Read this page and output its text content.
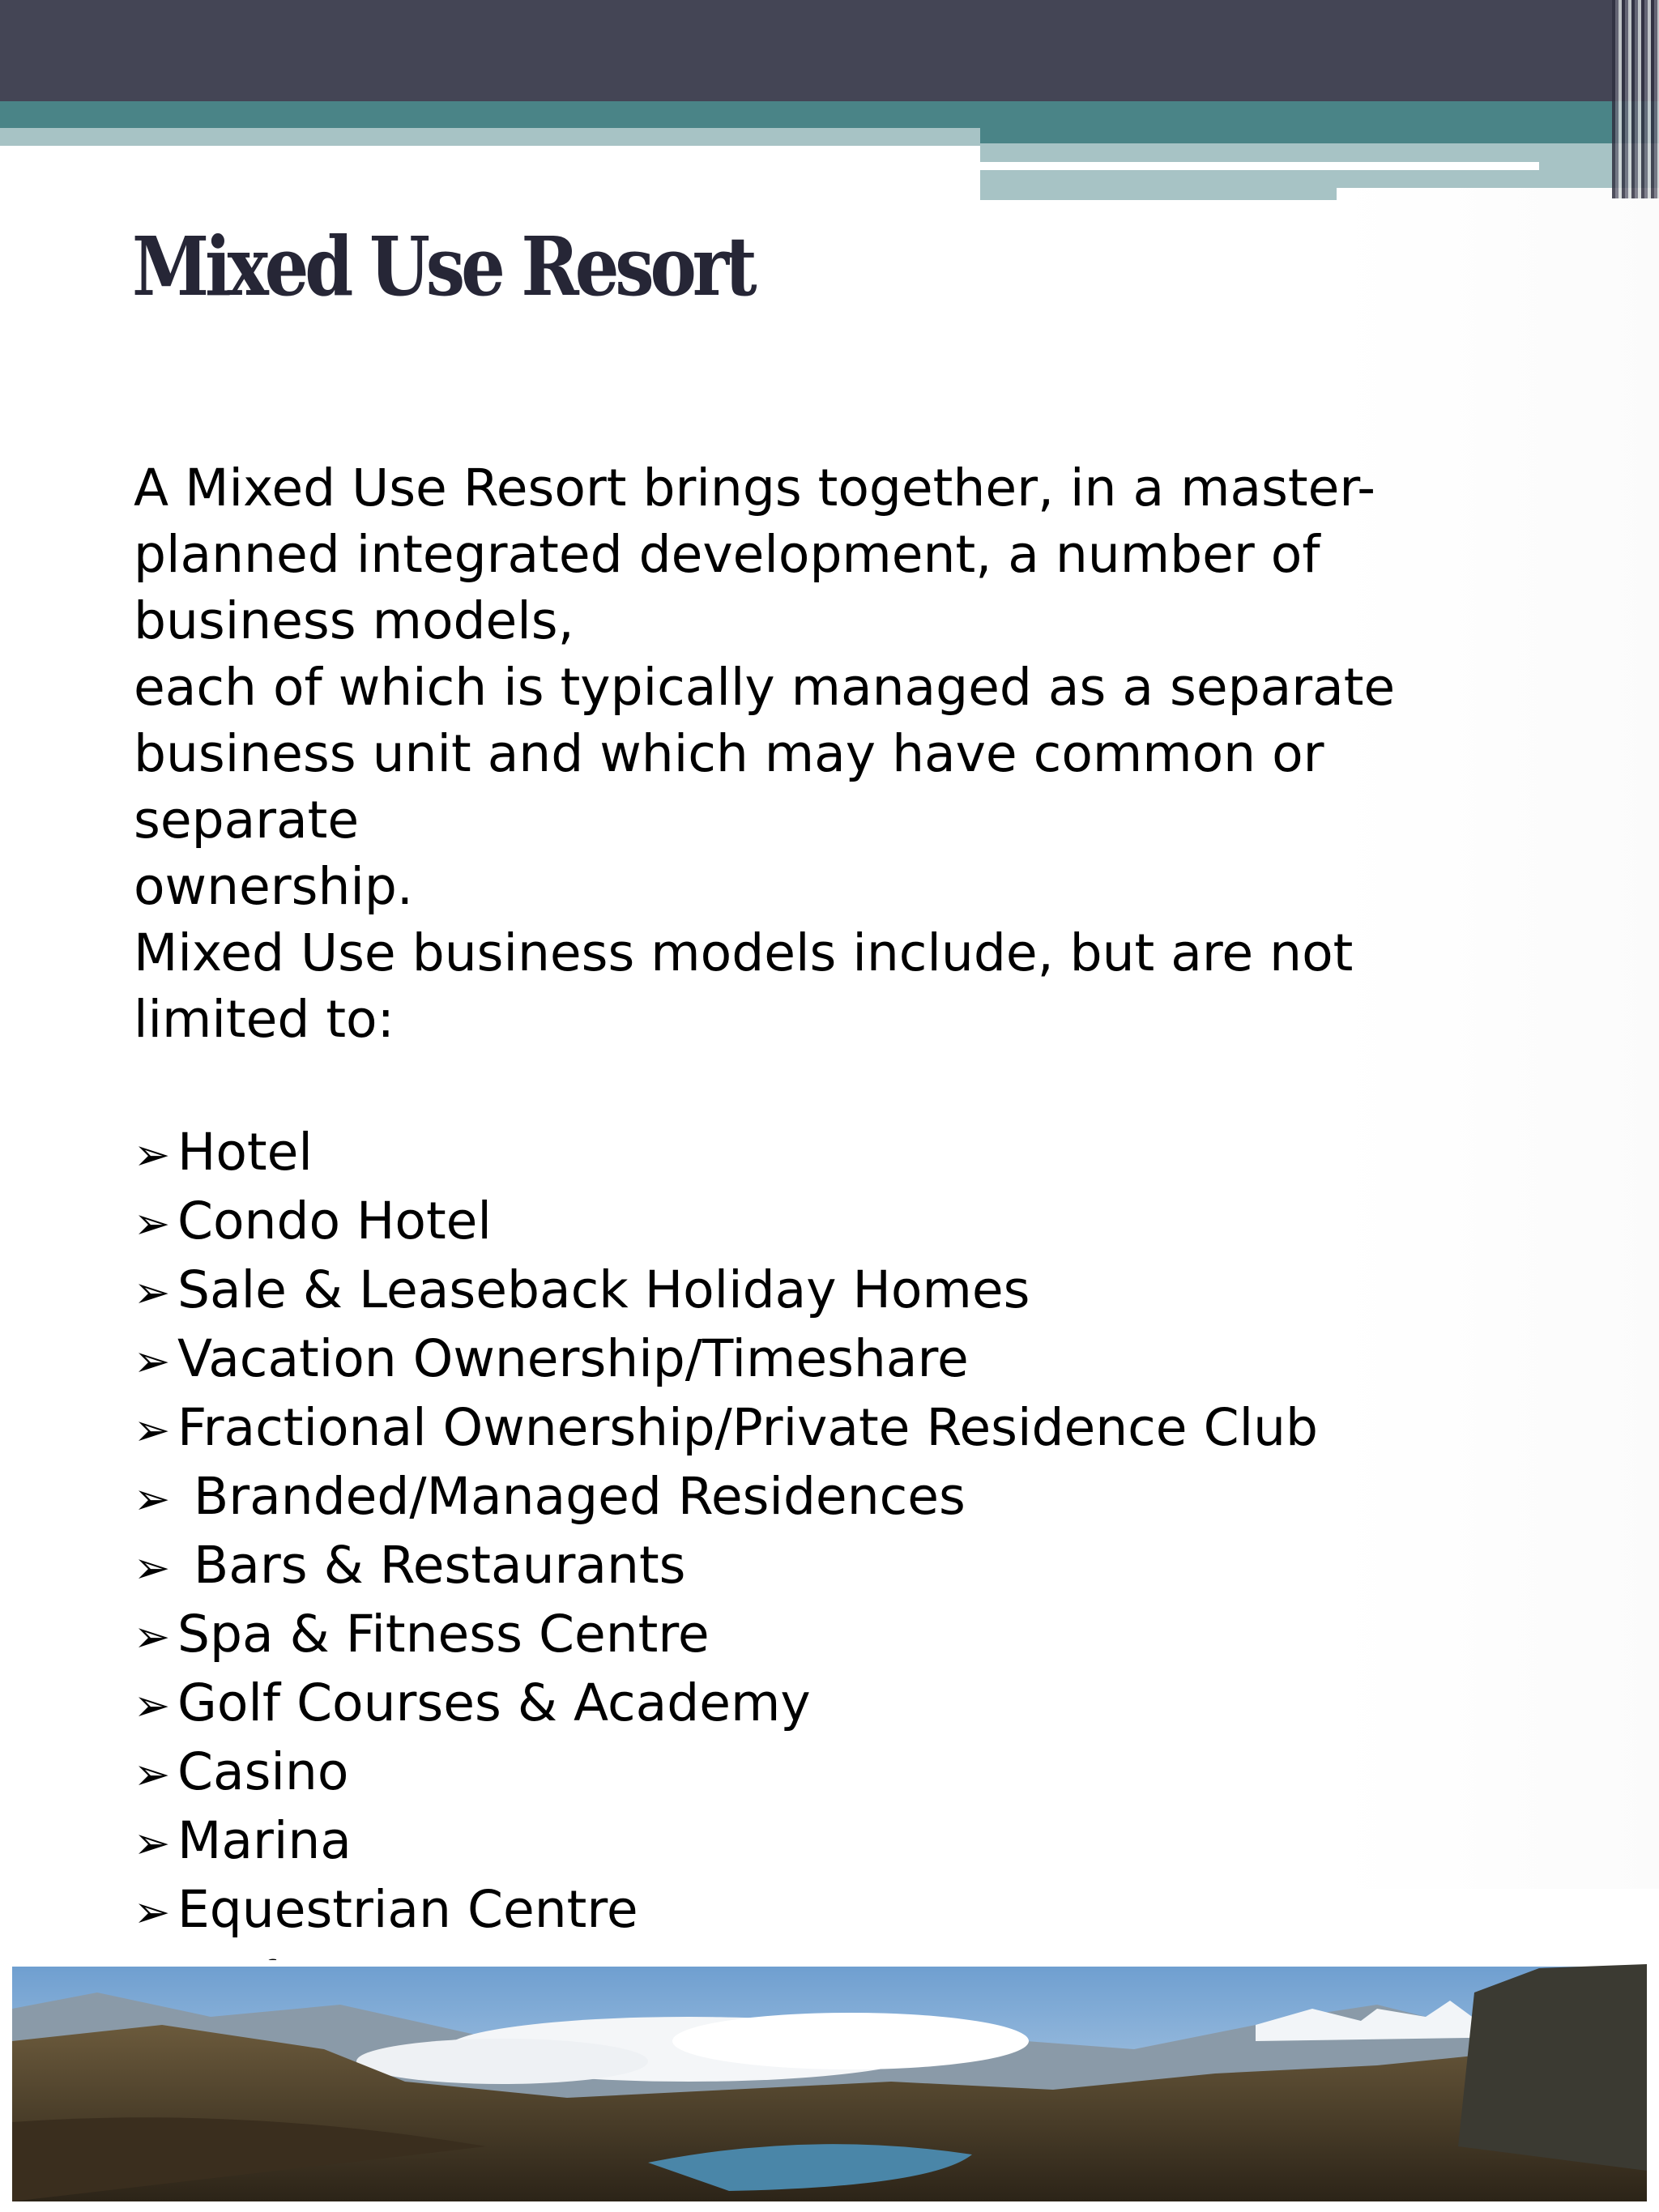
Mixed Use Resort

A Mixed Use Resort brings together, in a master-

planned integrated development, a number of

business models,

each of which is typically managed as a separate

business unit and which may have common or

separate

ownership.

Mixed Use business models include, but are not

limited to:

➢ Hotel

➢ Condo Hotel

➢ Sale & Leaseback Holiday Homes

➢ Vacation Ownership/Timeshare

➢ Fractional Ownership/Private Residence Club

➢ Branded/Managed Residences

➢ Bars & Restaurants

➢ Spa & Fitness Centre

➢ Golf Courses & Academy

➢ Casino

➢ Marina

➢ Equestrian Centre
